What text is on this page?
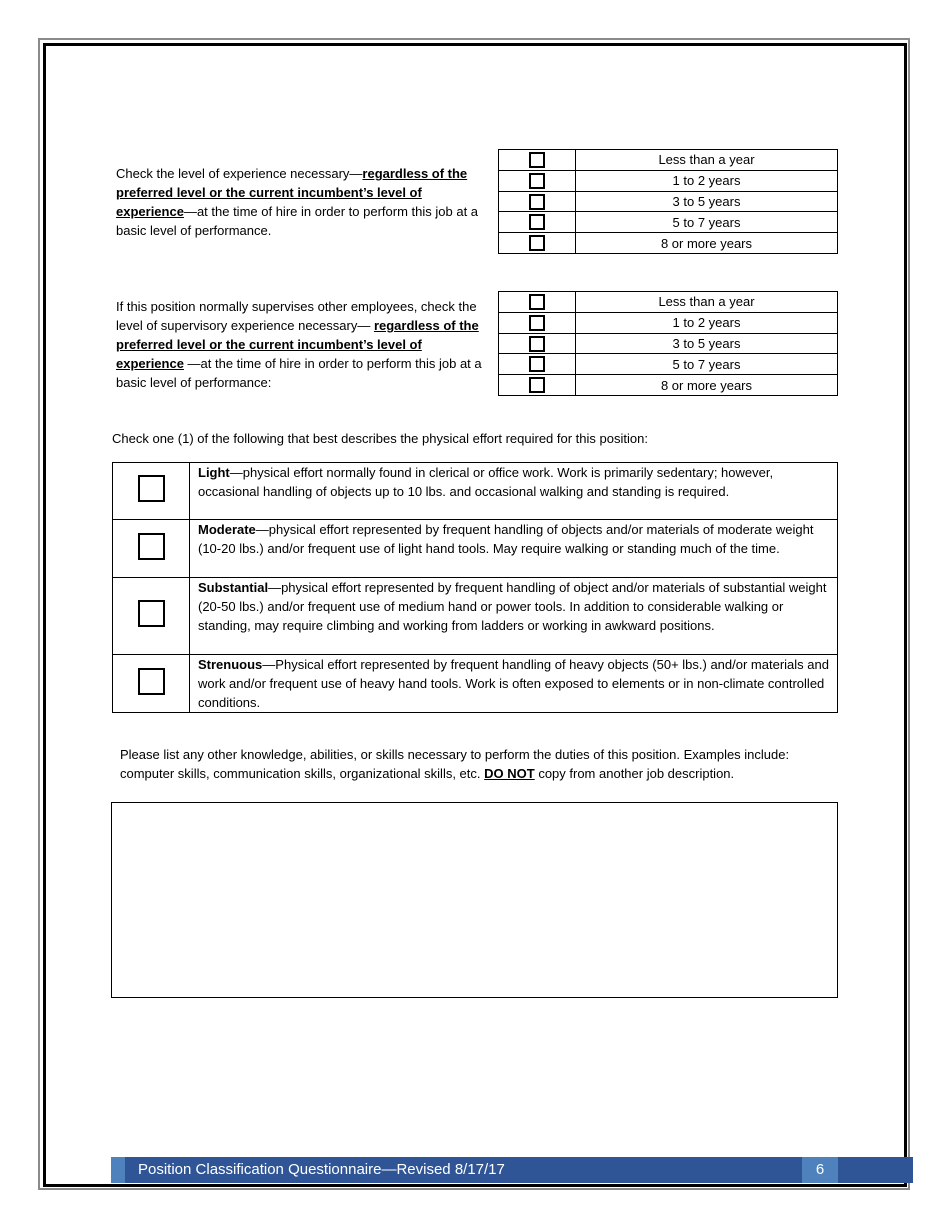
Check the level of experience necessary—regardless of the preferred level or the current incumbent’s level of experience—at the time of hire in order to perform this job at a basic level of performance.
	Less than a year
	1 to 2 years
	3 to 5 years
	5 to 7 years
	8 or more years
If this position normally supervises other employees, check the level of supervisory experience necessary— regardless of the preferred level or the current incumbent’s level of experience —at the time of hire in order to perform this job at a basic level of performance:
	Less than a year
	1 to 2 years
	3 to 5 years
	5 to 7 years
	8 or more years
Check one (1) of the following that best describes the physical effort required for this position:
	Light—physical effort normally found in clerical or office work. Work is primarily sedentary; however, occasional handling of objects up to 10 lbs. and occasional walking and standing is required.
	Moderate—physical effort represented by frequent handling of objects and/or materials of moderate weight (10-20 lbs.) and/or frequent use of light hand tools. May require walking or standing much of the time.
	Substantial—physical effort represented by frequent handling of object and/or materials of substantial weight (20-50 lbs.) and/or frequent use of medium hand or power tools. In addition to considerable walking or standing, may require climbing and working from ladders or working in awkward positions.
	Strenuous—Physical effort represented by frequent handling of heavy objects (50+ lbs.) and/or materials and work and/or frequent use of heavy hand tools. Work is often exposed to elements or in non-climate controlled conditions.
Please list any other knowledge, abilities, or skills necessary to perform the duties of this position. Examples include: computer skills, communication skills, organizational skills, etc. DO NOT copy from another job description.
Position Classification Questionnaire—Revised 8/17/17	6
